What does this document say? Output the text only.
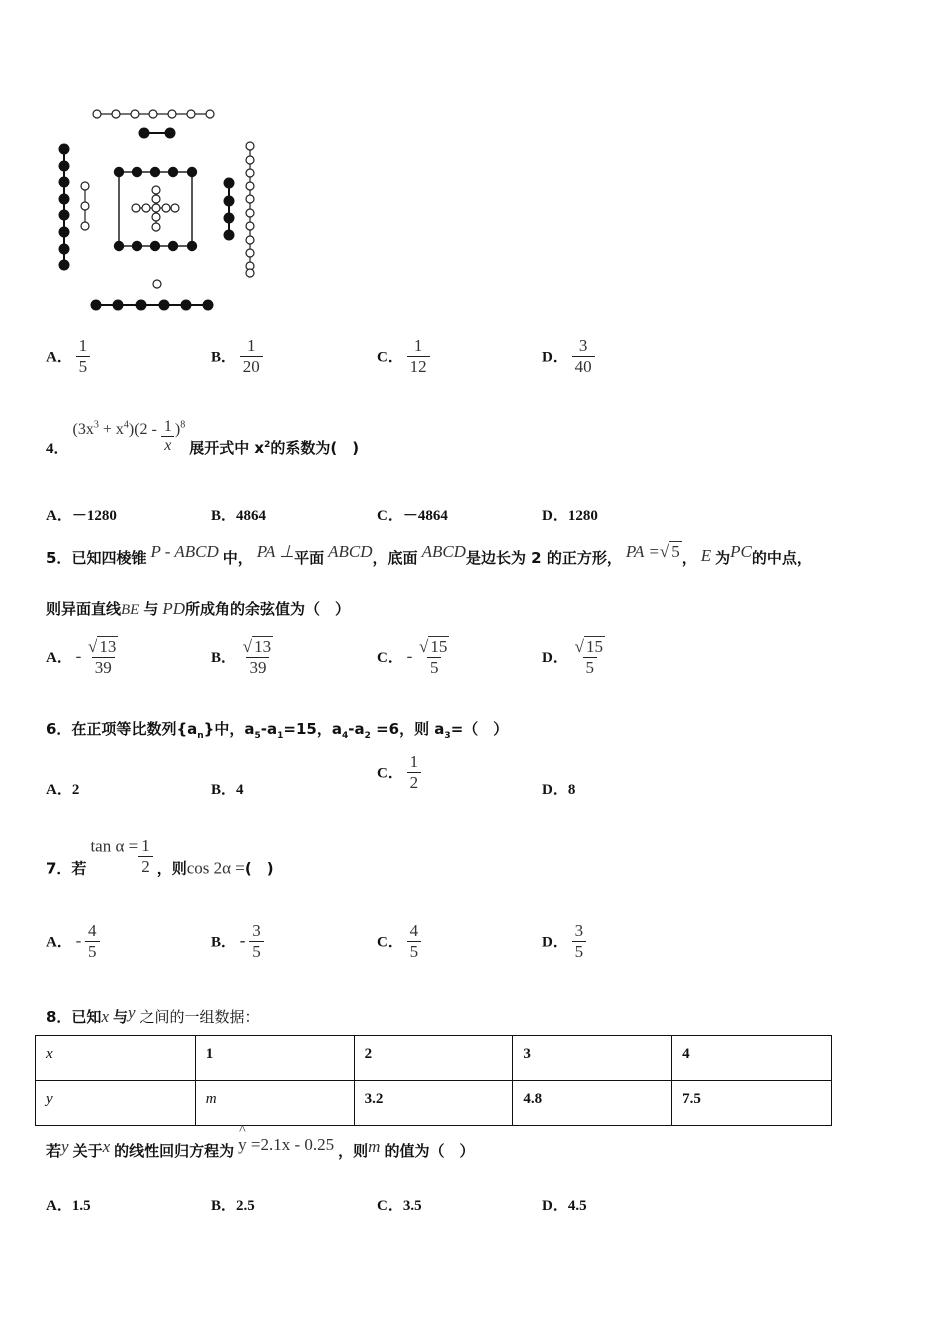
A． $\frac{1}{5}$	B． $\frac{1}{20}$	C． $\frac{1}{12}$	D． $\frac{3}{40}$
4． $(3x^3 + x^4)(2 - \frac{1}{x} )^8$ 展开式中 $x^2$的系数为(　)
A．－1280	B．4864	C．－4864	D．1280
5．已知四棱锥 P - ABCD 中， PA ⊥平面 ABCD，底面 ABCD是边长为 2 的正方形， PA =√ 5 ， E 为PC的中点，
则异面直线BE 与 PD所成角的余弦值为（　）
A． - $\frac{√ 13}{39}$	B． $\frac{√ 13}{39}$	C． - $\frac{√ 15}{5}$	D． $\frac{√ 15}{5}$
6．在正项等比数列$\{a_n\}$中，$a_5-a_1=15$，$a_4-a_2 =6$，则 $a_3=$（　）
A．2	B．4
C． $\frac{1}{2}$	D．8
7．若 $\tan \alpha = \frac{1}{2}$ ，则cos 2α =(　)
A． - $\frac{4}{5}$	B． - $\frac{3}{5}$	C． $\frac{4}{5}$	D． $\frac{3}{5}$
8．已知x 与y 之间的一组数据：
x	1	2	3	4
y	m	3.2	4.8	7.5
若y 关于x 的线性回归方程为
^
y =2.1x - 0.25 ，则m 的值为（　）
A．1.5	B．2.5	C．3.5	D．4.5
